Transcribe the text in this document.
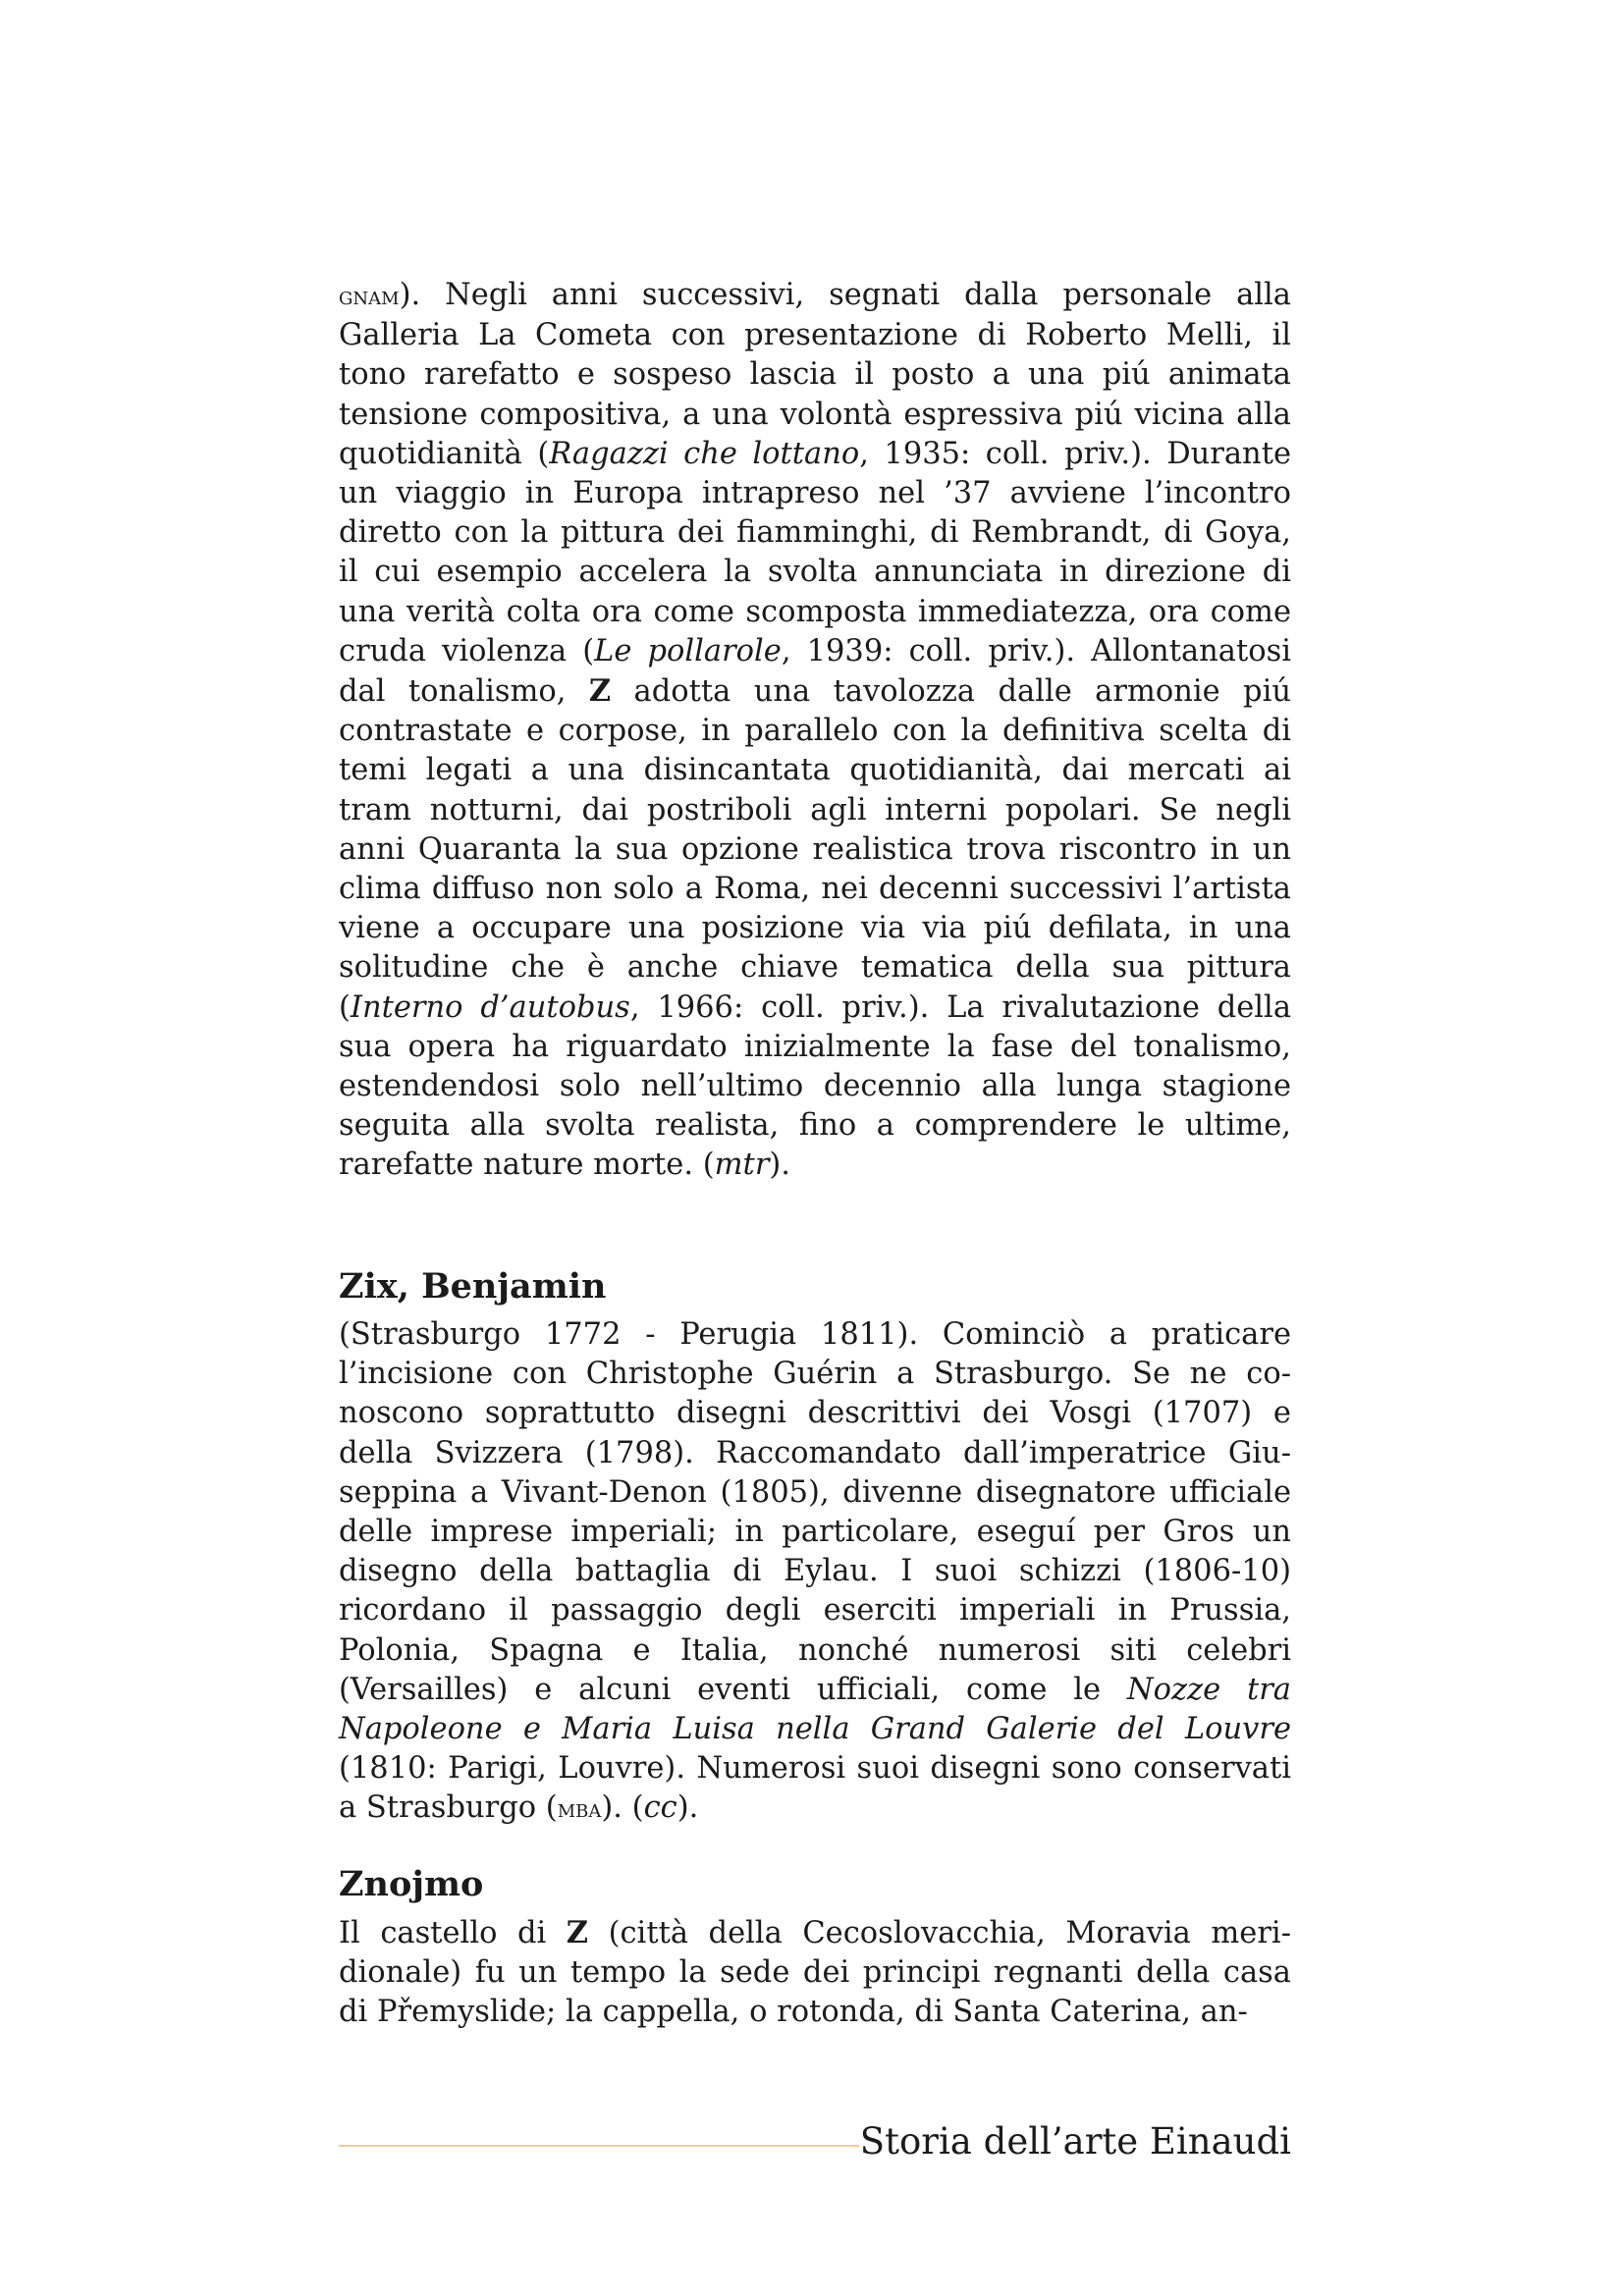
gnam). Negli anni successivi, segnati dalla personale alla Galleria La Cometa con presentazione di Roberto Melli, il tono rarefatto e sospeso lascia il posto a una piú animata tensione compositiva, a una volontà espressiva piú vicina alla quotidianità (Ragazzi che lottano, 1935: coll. priv.). Durante un viaggio in Europa intrapreso nel ’37 avviene l’incontro diretto con la pittura dei fiamminghi, di Rembrandt, di Goya, il cui esempio accelera la svolta annunciata in direzione di una verità colta ora come scomposta immediatezza, ora come cruda violenza (Le pollarole, 1939: coll. priv.). Allontanatosi dal tonalismo, Z adotta una tavolozza dalle armonie piú contrastate e corpose, in parallelo con la definitiva scelta di temi legati a una disincantata quotidianità, dai mercati ai tram notturni, dai postriboli agli interni popolari. Se negli anni Quaranta la sua opzione realistica trova riscontro in un clima diffuso non solo a Roma, nei decenni successivi l’artista viene a occupare una posizione via via piú defilata, in una solitudine che è anche chiave tematica della sua pittura (Interno d’autobus, 1966: coll. priv.). La rivalutazione della sua opera ha riguardato inizialmente la fase del tonalismo, estendendosi solo nell’ultimo decennio alla lunga stagione seguita alla svolta realista, fino a comprendere le ultime, rarefatte nature morte. (mtr).

Zix, Benjamin

(Strasburgo 1772 - Perugia 1811). Cominciò a praticare l’incisione con Christophe Guérin a Strasburgo. Se ne conoscono soprattutto disegni descrittivi dei Vosgi (1707) e della Svizzera (1798). Raccomandato dall’imperatrice Giuseppina a Vivant-Denon (1805), divenne disegnatore ufficiale delle imprese imperiali; in particolare, eseguí per Gros un disegno della battaglia di Eylau. I suoi schizzi (1806-10) ricordano il passaggio degli eserciti imperiali in Prussia, Polonia, Spagna e Italia, nonché numerosi siti celebri (Versailles) e alcuni eventi ufficiali, come le Nozze tra Napoleone e Maria Luisa nella Grand Galerie del Louvre (1810: Parigi, Louvre). Numerosi suoi disegni sono conservati a Strasburgo (mba). (cc).

Znojmo

Il castello di Z (città della Cecoslovacchia, Moravia meridionale) fu un tempo la sede dei principi regnanti della casa di Přemyslide; la cappella, o rotonda, di Santa Caterina, an-

Storia dell’arte Einaudi
